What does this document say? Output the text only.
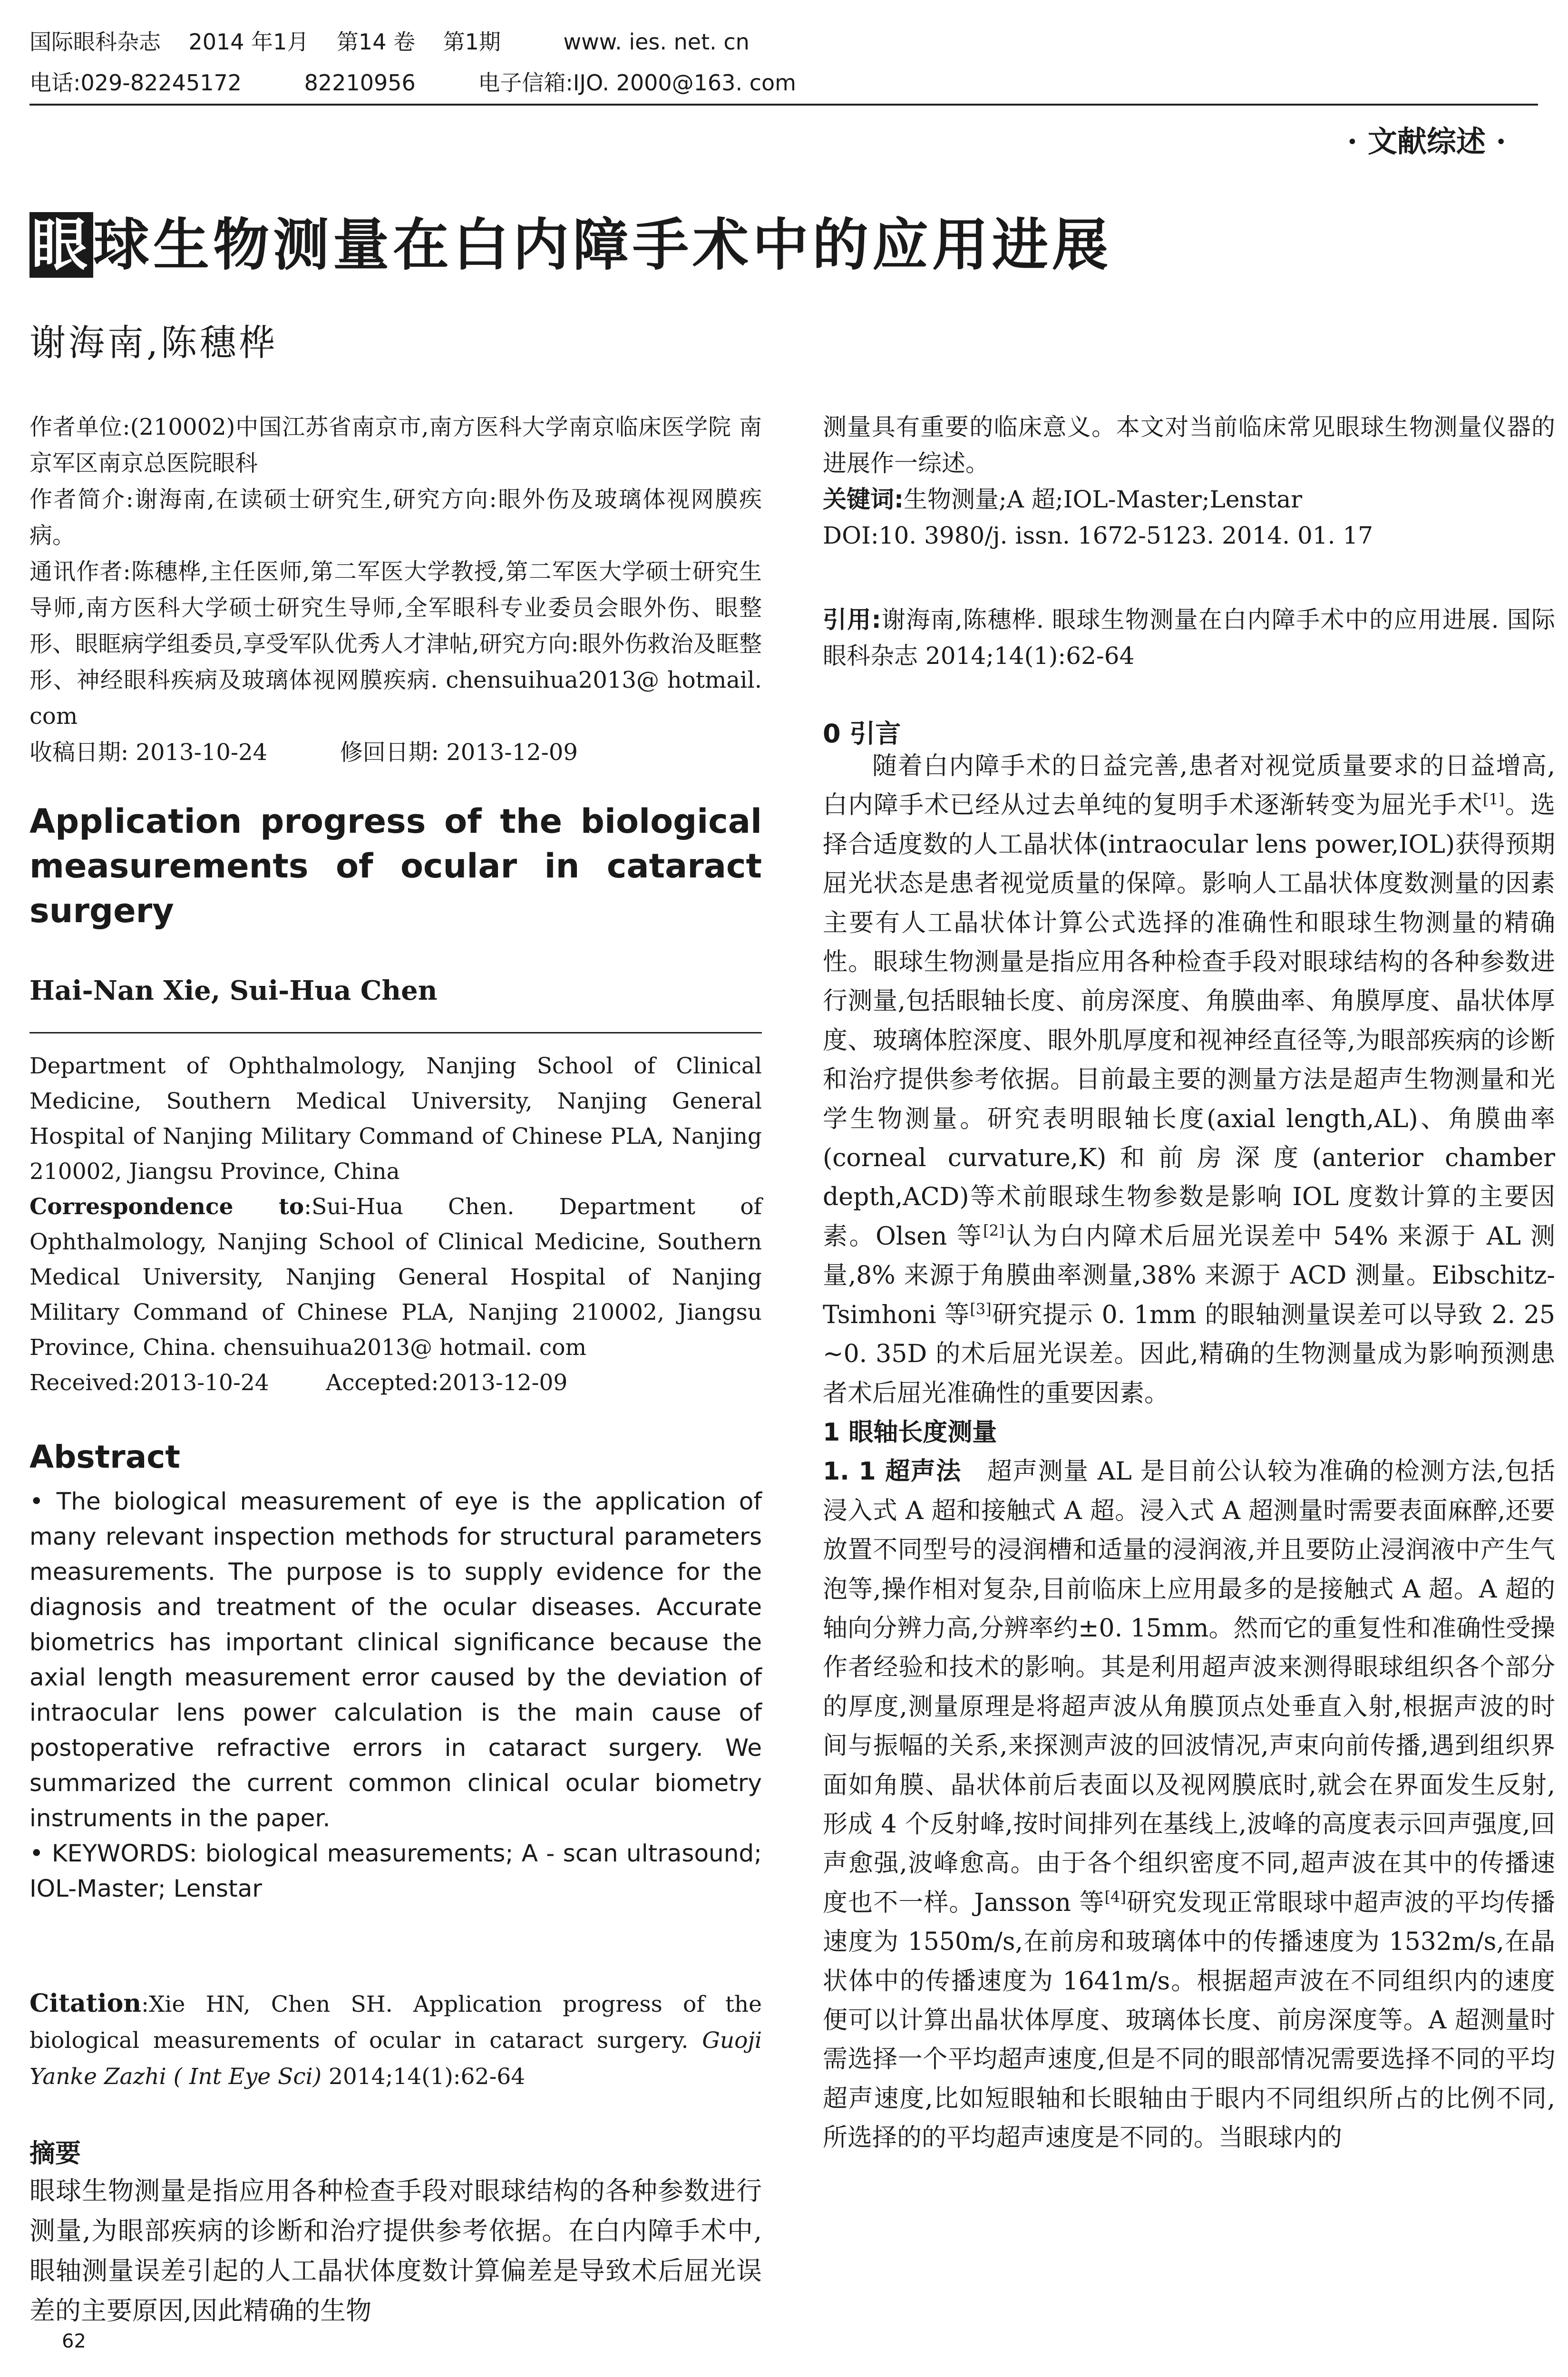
国际眼科杂志    2014 年1月    第14 卷    第1期         www. ies. net. cn
电话:029-82245172         82210956         电子信箱:IJO. 2000@163. com
· 文献综述 ·
眼球生物测量在白内障手术中的应用进展
谢海南,陈穗桦

作者单位:(210002)中国江苏省南京市,南方医科大学南京临床医学院 南京军区南京总医院眼科

作者简介:谢海南,在读硕士研究生,研究方向:眼外伤及玻璃体视网膜疾病。

通讯作者:陈穗桦,主任医师,第二军医大学教授,第二军医大学硕士研究生导师,南方医科大学硕士研究生导师,全军眼科专业委员会眼外伤、眼整形、眼眶病学组委员,享受军队优秀人才津帖,研究方向:眼外伤救治及眶整形、神经眼科疾病及玻璃体视网膜疾病. chensuihua2013@ hotmail. com

收稿日期: 2013-10-24          修回日期: 2013-12-09

Application progress of the biological measurements of ocular in cataract surgery
Hai-Nan Xie, Sui-Hua Chen

Department of Ophthalmology, Nanjing School of Clinical Medicine, Southern Medical University, Nanjing General Hospital of Nanjing Military Command of Chinese PLA, Nanjing 210002, Jiangsu Province, China

Correspondence to:Sui-Hua Chen. Department of Ophthalmology, Nanjing School of Clinical Medicine, Southern Medical University, Nanjing General Hospital of Nanjing Military Command of Chinese PLA, Nanjing 210002, Jiangsu Province, China. chensuihua2013@ hotmail. com

Received:2013-10-24        Accepted:2013-12-09

Abstract

• The biological measurement of eye is the application of many relevant inspection methods for structural parameters measurements. The purpose is to supply evidence for the diagnosis and treatment of the ocular diseases. Accurate biometrics has important clinical significance because the axial length measurement error caused by the deviation of intraocular lens power calculation is the main cause of postoperative refractive errors in cataract surgery. We summarized the current common clinical ocular biometry instruments in the paper.

• KEYWORDS: biological measurements; A - scan ultrasound; IOL-Master; Lenstar

Citation:Xie HN, Chen SH. Application progress of the biological measurements of ocular in cataract surgery. Guoji Yanke Zazhi ( Int Eye Sci) 2014;14(1):62-64

摘要

眼球生物测量是指应用各种检查手段对眼球结构的各种参数进行测量,为眼部疾病的诊断和治疗提供参考依据。在白内障手术中,眼轴测量误差引起的人工晶状体度数计算偏差是导致术后屈光误差的主要原因,因此精确的生物

62

测量具有重要的临床意义。本文对当前临床常见眼球生物测量仪器的进展作一综述。

关键词:生物测量;A 超;IOL-Master;Lenstar

DOI:10. 3980/j. issn. 1672-5123. 2014. 01. 17

引用:谢海南,陈穗桦. 眼球生物测量在白内障手术中的应用进展. 国际眼科杂志 2014;14(1):62-64

0 引言

随着白内障手术的日益完善,患者对视觉质量要求的日益增高,白内障手术已经从过去单纯的复明手术逐渐转变为屈光手术[1]。选择合适度数的人工晶状体(intraocular lens power,IOL)获得预期屈光状态是患者视觉质量的保障。影响人工晶状体度数测量的因素主要有人工晶状体计算公式选择的准确性和眼球生物测量的精确性。眼球生物测量是指应用各种检查手段对眼球结构的各种参数进行测量,包括眼轴长度、前房深度、角膜曲率、角膜厚度、晶状体厚度、玻璃体腔深度、眼外肌厚度和视神经直径等,为眼部疾病的诊断和治疗提供参考依据。目前最主要的测量方法是超声生物测量和光学生物测量。研究表明眼轴长度(axial length,AL)、角膜曲率(corneal curvature,K)和前房深度(anterior chamber depth,ACD)等术前眼球生物参数是影响 IOL 度数计算的主要因素。Olsen 等[2]认为白内障术后屈光误差中 54% 来源于 AL 测量,8% 来源于角膜曲率测量,38% 来源于 ACD 测量。Eibschitz-Tsimhoni 等[3]研究提示 0. 1mm 的眼轴测量误差可以导致 2. 25 ~0. 35D 的术后屈光误差。因此,精确的生物测量成为影响预测患者术后屈光准确性的重要因素。

1 眼轴长度测量

1. 1 超声法   超声测量 AL 是目前公认较为准确的检测方法,包括浸入式 A 超和接触式 A 超。浸入式 A 超测量时需要表面麻醉,还要放置不同型号的浸润槽和适量的浸润液,并且要防止浸润液中产生气泡等,操作相对复杂,目前临床上应用最多的是接触式 A 超。A 超的轴向分辨力高,分辨率约±0. 15mm。然而它的重复性和准确性受操作者经验和技术的影响。其是利用超声波来测得眼球组织各个部分的厚度,测量原理是将超声波从角膜顶点处垂直入射,根据声波的时间与振幅的关系,来探测声波的回波情况,声束向前传播,遇到组织界面如角膜、晶状体前后表面以及视网膜底时,就会在界面发生反射,形成 4 个反射峰,按时间排列在基线上,波峰的高度表示回声强度,回声愈强,波峰愈高。由于各个组织密度不同,超声波在其中的传播速度也不一样。Jansson 等[4]研究发现正常眼球中超声波的平均传播速度为 1550m/s,在前房和玻璃体中的传播速度为 1532m/s,在晶状体中的传播速度为 1641m/s。根据超声波在不同组织内的速度便可以计算出晶状体厚度、玻璃体长度、前房深度等。A 超测量时需选择一个平均超声速度,但是不同的眼部情况需要选择不同的平均超声速度,比如短眼轴和长眼轴由于眼内不同组织所占的比例不同,所选择的的平均超声速度是不同的。当眼球内的
